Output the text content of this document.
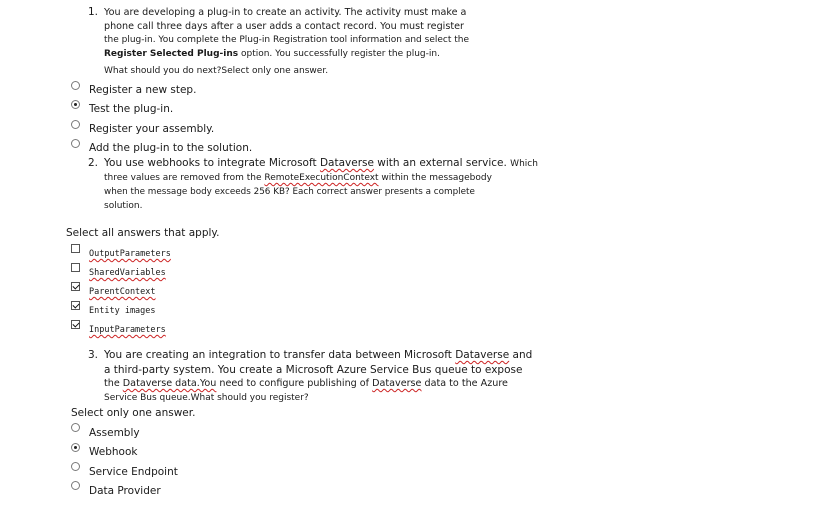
1. You are developing a plug-in to create an activity. The activity must make a
phone call three days after a user adds a contact record. You must register
the plug-in. You complete the Plug-in Registration tool information and select the
Register Selected Plug-ins option. You successfully register the plug-in.
What should you do next?Select only one answer.
Register a new step.
Test the plug-in.
Register your assembly.
Add the plug-in to the solution.
2. You use webhooks to integrate Microsoft Dataverse with an external service. Which
three values are removed from the RemoteExecutionContext within the messagebody
when the message body exceeds 256 KB? Each correct answer presents a complete
solution.
Select all answers that apply.
OutputParameters
SharedVariables
ParentContext
Entity images
InputParameters
3. You are creating an integration to transfer data between Microsoft Dataverse and
a third-party system. You create a Microsoft Azure Service Bus queue to expose
the Dataverse data.You need to configure publishing of Dataverse data to the Azure
Service Bus queue.What should you register?
Select only one answer.
Assembly
Webhook
Service Endpoint
Data Provider
